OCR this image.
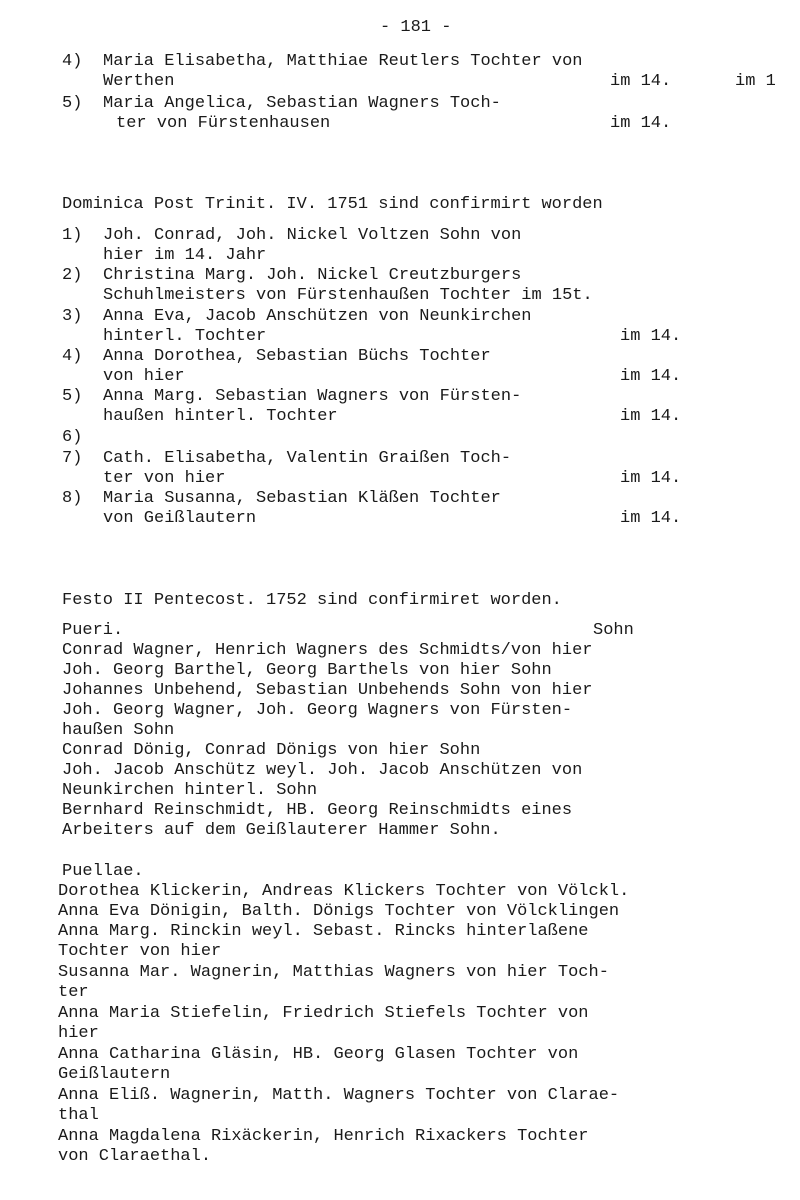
- 181 -
4) Maria Elisabetha, Matthiae Reutlers Tochter von
Werthen	im 14.	im 1
5) Maria Angelica, Sebastian Wagners Toch-
ter von Fürstenhausen	im 14.
Dominica Post Trinit. IV. 1751 sind confirmirt worden
1) Joh. Conrad, Joh. Nickel Voltzen Sohn von
hier im 14. Jahr
2) Christina Marg. Joh. Nickel Creutzburgers
Schuhlmeisters von Fürstenhaußen Tochter im 15t.
3) Anna Eva, Jacob Anschützen von Neunkirchen
hinterl. Tochter	im 14.
4) Anna Dorothea, Sebastian Büchs Tochter
von hier	im 14.
5) Anna Marg. Sebastian Wagners von Fürsten-
haußen hinterl. Tochter	im 14.
6)
7) Cath. Elisabetha, Valentin Graißen Toch-
ter von hier	im 14.
8) Maria Susanna, Sebastian Kläßen Tochter
von Geißlautern	im 14.
Festo II Pentecost. 1752 sind confirmiret worden.
Pueri.	Sohn
Conrad Wagner, Henrich Wagners des Schmidts/von hier
Joh. Georg Barthel, Georg Barthels von hier Sohn
Johannes Unbehend, Sebastian Unbehends Sohn von hier
Joh. Georg Wagner, Joh. Georg Wagners von Fürsten-
haußen Sohn
Conrad Dönig, Conrad Dönigs von hier Sohn
Joh. Jacob Anschütz weyl. Joh. Jacob Anschützen von
Neunkirchen hinterl. Sohn
Bernhard Reinschmidt, HB. Georg Reinschmidts eines
Arbeiters auf dem Geißlauterer Hammer Sohn.
Puellae.
Dorothea Klickerin, Andreas Klickers Tochter von Völckl.
Anna Eva Dönigin, Balth. Dönigs Tochter von Völcklingen
Anna Marg. Rinckin weyl. Sebast. Rincks hinterlaßene
Tochter von hier
Susanna Mar. Wagnerin, Matthias Wagners von hier Toch-
ter
Anna Maria Stiefelin, Friedrich Stiefels Tochter von
hier
Anna Catharina Gläsin, HB. Georg Glasen Tochter von
Geißlautern
Anna Eliß. Wagnerin, Matth. Wagners Tochter von Clarae-
thal
Anna Magdalena Rixäckerin, Henrich Rixackers Tochter
von Claraethal.
